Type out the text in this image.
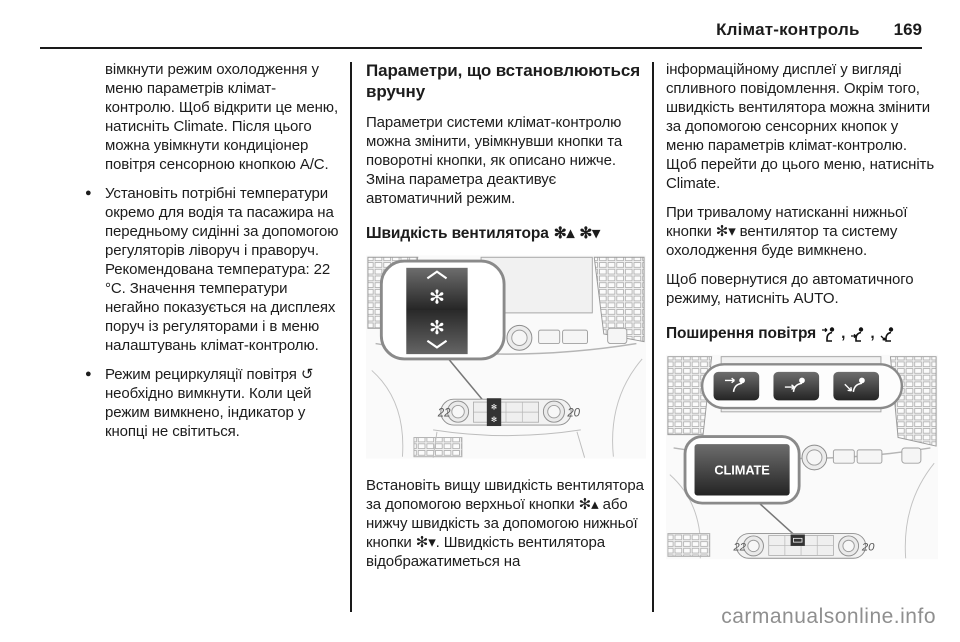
Клімат-контроль 169

вімкнути режим охолодження у меню параметрів клімат-контролю. Щоб відкрити це меню, натисніть Climate. Після цього можна увімкнути кондиціонер повітря сенсорною кнопкою A/C.

● Установіть потрібні температури окремо для водія та пасажира на передньому сидінні за допомогою регуляторів ліворуч і праворуч. Рекомендована температура: 22 °C. Значення температури негайно показується на дисплеях поруч із регуляторами і в меню налаштувань клімат-контролю.

● Режим рециркуляції повітря ↺ необхідно вимкнути. Коли цей режим вимкнено, індикатор у кнопці не світиться.

Параметри, що встановлюються вручну

Параметри системи клімат-контролю можна змінити, увімкнувши кнопки та поворотні кнопки, як описано нижче. Зміна параметра деактивує автоматичний режим.

Швидкість вентилятора ✻▴ ✻▾
✻
✻
✻
✻
22	20

Встановіть вищу швидкість вентилятора за допомогою верхньої кнопки ✻▴ або нижчу швидкість за допомогою нижньої кнопки ✻▾. Швидкість вентилятора відображатиметься на

інформаційному дисплеї у вигляді спливного повідомлення. Окрім того, швидкість вентилятора можна змінити за допомогою сенсорних кнопок у меню параметрів клімат-контролю. Щоб перейти до цього меню, натисніть Climate.

При тривалому натисканні нижньої кнопки ✻▾ вентилятор та систему охолодження буде вимкнено.

Щоб повернутися до автоматичного режиму, натисніть AUTO.

Поширення повітря , ,
CLIMATE
22	20
carmanualsonline.info
